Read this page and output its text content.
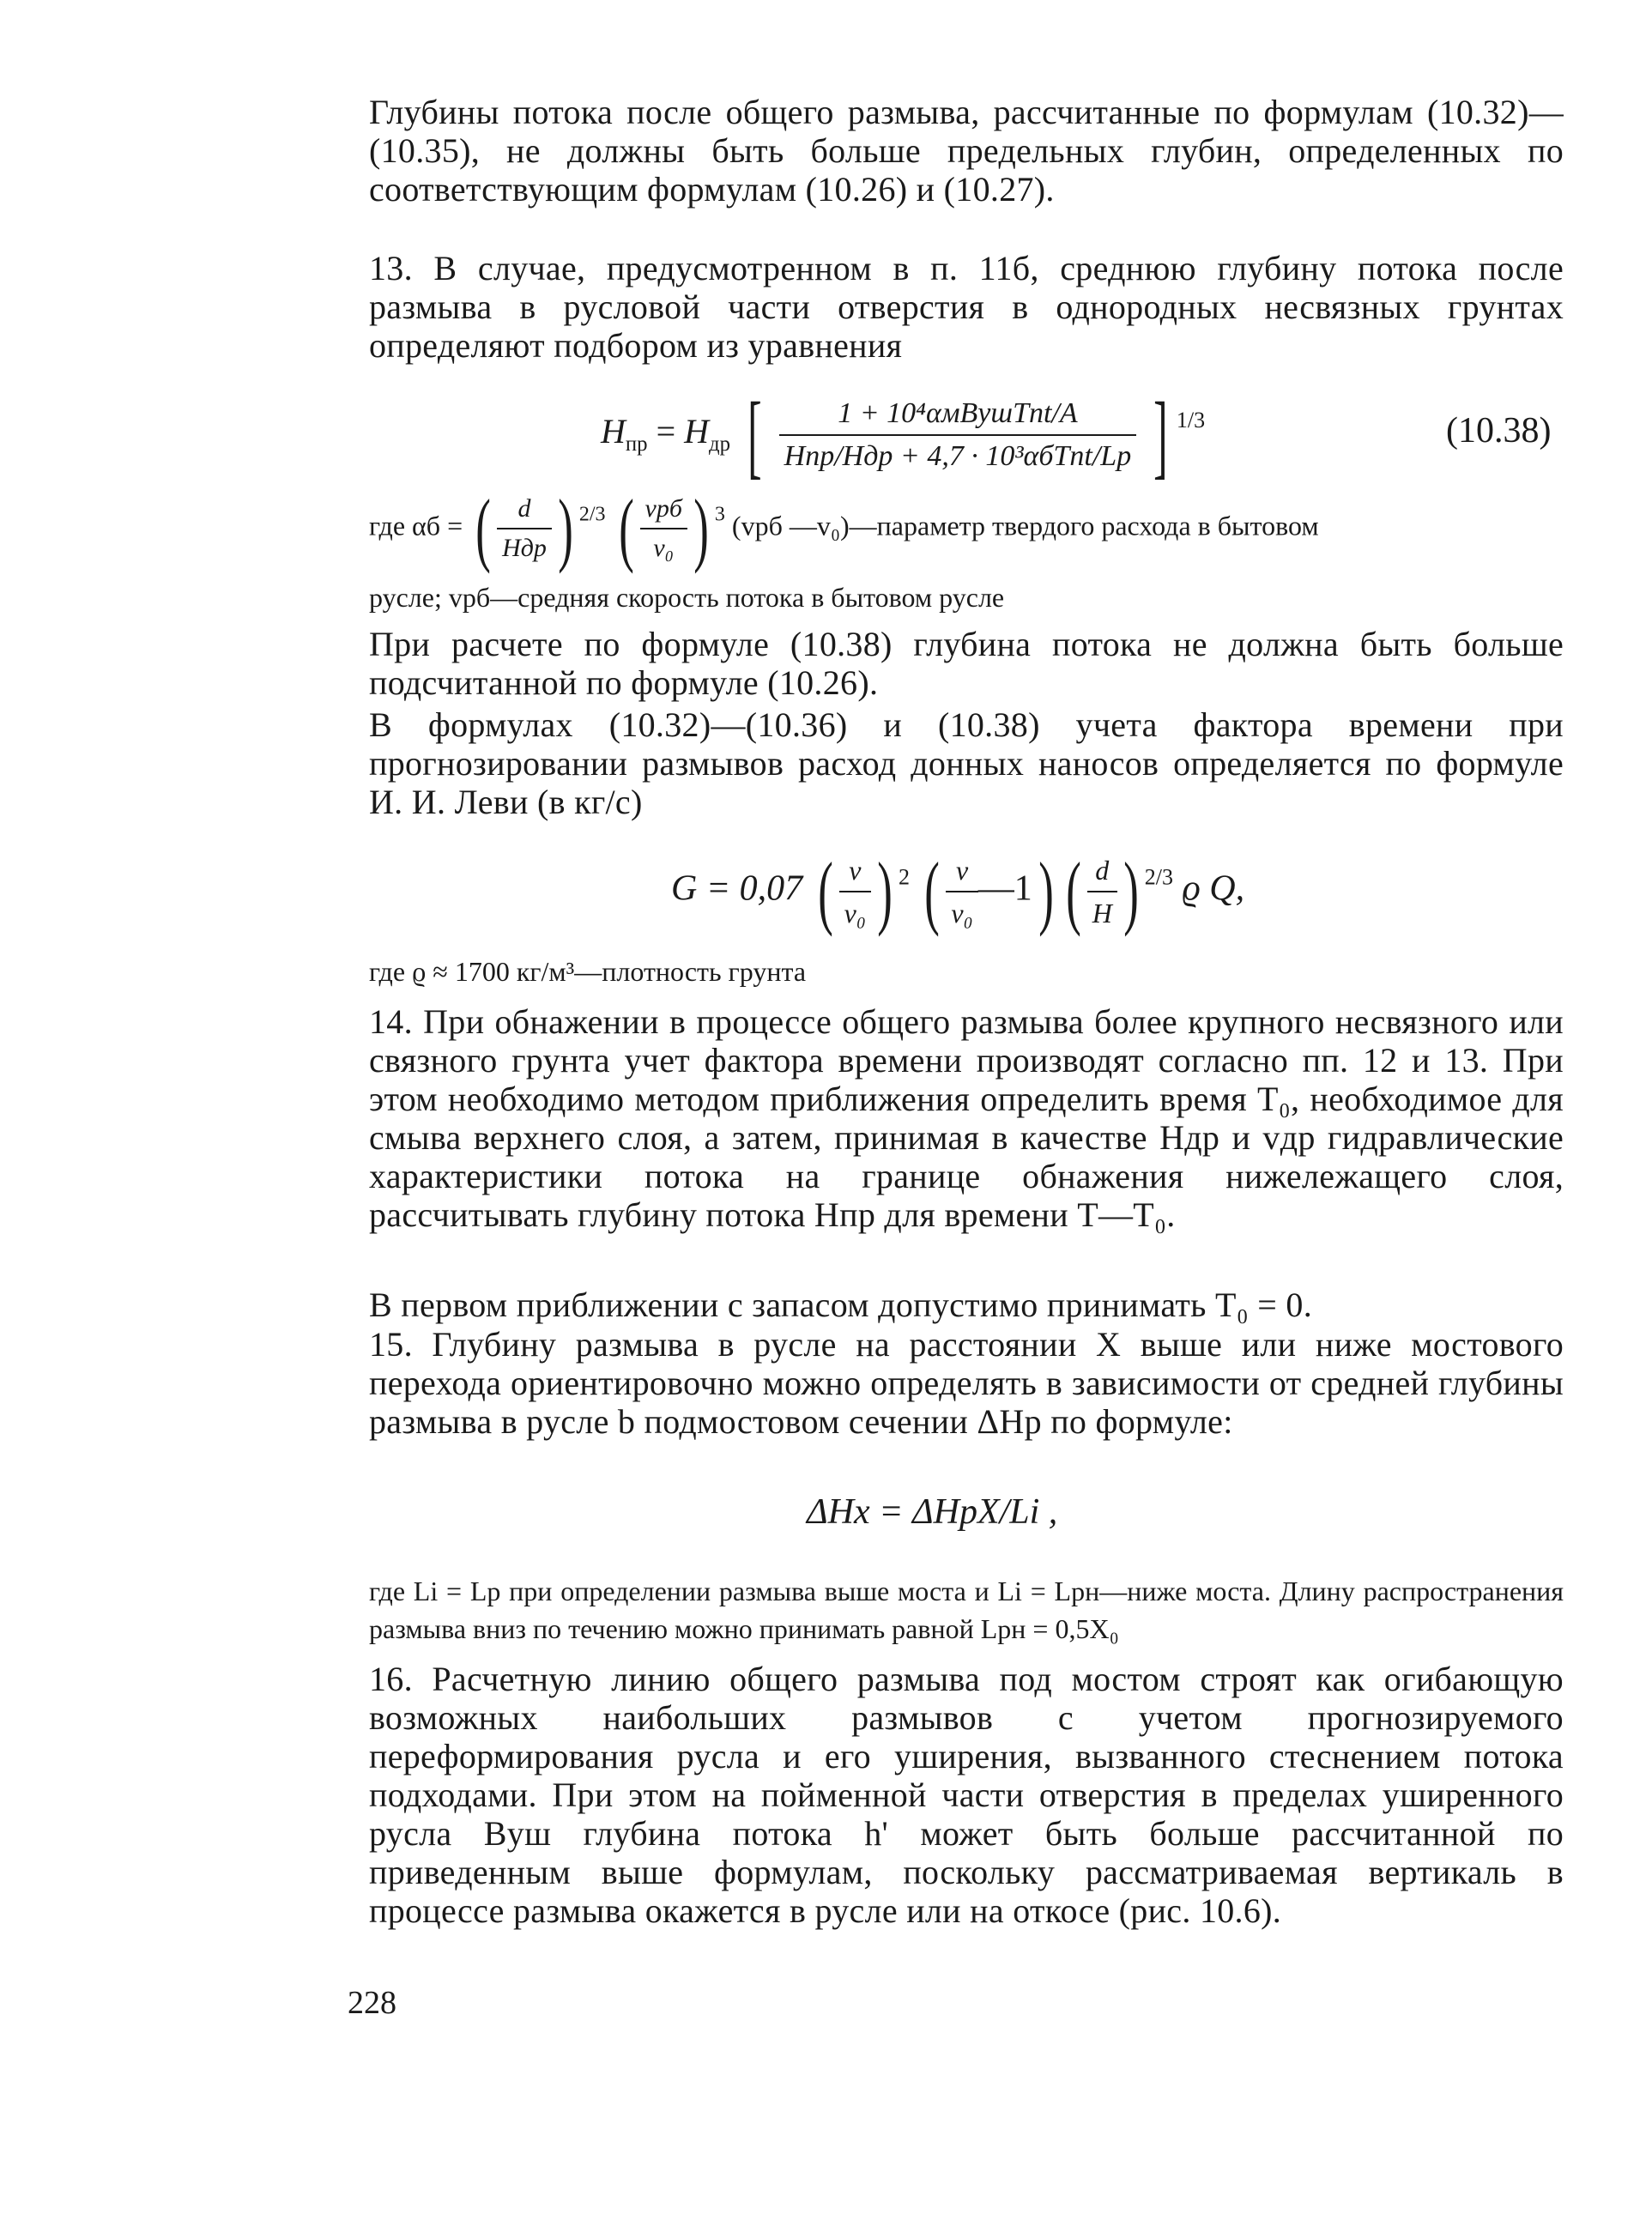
Глубины потока после общего размыва, рассчитанные по формулам (10.32)—(10.35), не должны быть больше предельных глубин, определенных по соответствующим формулам (10.26) и (10.27).
13. В случае, предусмотренном в п. 11б, среднюю глубину потока после размыва в русловой части отверстия в однородных несвязных грунтах определяют подбором из уравнения
$H_{пр} = H_{др}$ [ $\frac{\text{1 + 10⁴αмBушTnt/A}}{\text{Hпр/Hдр + 4,7 · 10³αбTnt/Lр}}$ ] $^{1/3}$	(10.38)
где αб = ( $\frac{d}{\text{Hдр}}$ ) $^{2/3}$ ( $\frac{\text{vрб}}{\text{v₀}}$ ) $^3$ (vрб —v₀)—параметр твердого расхода в бытовом
русле; vрб—средняя скорость потока в бытовом русле
При расчете по формуле (10.38) глубина потока не должна быть больше подсчитанной по формуле (10.26).
В формулах (10.32)—(10.36) и (10.38) учета фактора времени при прогнозировании размывов расход донных наносов определяется по формуле И. И. Леви (в кг/с)
G = 0,07 ( $\frac{v}{\text{v₀}}$ ) $^2$ ( $\frac{v}{\text{v₀}}$ —1) ( $\frac{d}{H}$ ) $^{2/3}$ ϱ Q,
где ϱ ≈ 1700 кг/м³—плотность грунта
14. При обнажении в процессе общего размыва более крупного несвязного или связного грунта учет фактора времени производят согласно пп. 12 и 13. При этом необходимо методом приближения определить время T₀, необходимое для смыва верхнего слоя, а затем, принимая в качестве Hдр и vдр гидравлические характеристики потока на границе обнажения нижележащего слоя, рассчитывать глубину потока Hпр для времени T—T₀.
В первом приближении с запасом допустимо принимать T₀ = 0.
15. Глубину размыва в русле на расстоянии X выше или ниже мостового перехода ориентировочно можно определять в зависимости от средней глубины размыва в русле b подмостовом сечении ΔHр по формуле:
ΔHx = ΔHрX/Li ,
где Li = Lр при определении размыва выше моста и Li = Lрн—ниже моста. Длину распространения размыва вниз по течению можно принимать равной Lрн = 0,5X₀
16. Расчетную линию общего размыва под мостом строят как огибающую возможных наибольших размывов с учетом прогнозируемого переформирования русла и его уширения, вызванного стеснением потока подходами. При этом на пойменной части отверстия в пределах уширенного русла Bуш глубина потока h' может быть больше рассчитанной по приведенным выше формулам, поскольку рассматриваемая вертикаль в процессе размыва окажется в русле или на откосе (рис. 10.6).
228
